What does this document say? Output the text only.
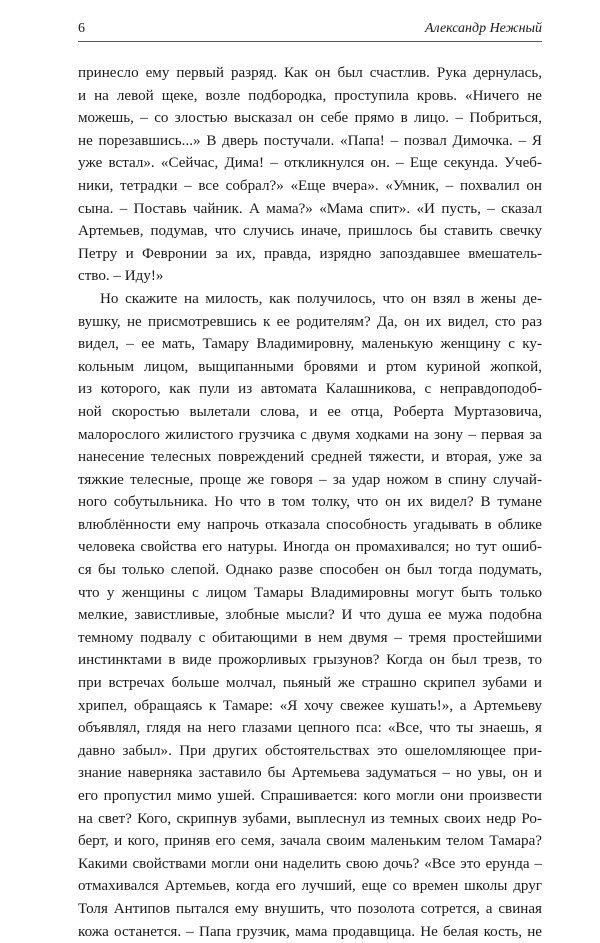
6	Александр Нежный
принесло ему первый разряд. Как он был счастлив. Рука дернулась,
и на левой щеке, возле подбородка, проступила кровь. «Ничего не
можешь, – со злостью высказал он себе прямо в лицо. – Побриться,
не порезавшись...» В дверь постучали. «Папа! – позвал Димочка. – Я
уже встал». «Сейчас, Дима! – откликнулся он. – Еще секунда. Учеб-
ники, тетрадки – все собрал?» «Еще вчера». «Умник, – похвалил он
сына. – Поставь чайник. А мама?» «Мама спит». «И пусть, – сказал
Артемьев, подумав, что случись иначе, пришлось бы ставить свечку
Петру и Февронии за их, правда, изрядно запоздавшее вмешатель-
ство. – Иду!»
Но скажите на милость, как получилось, что он взял в жены де-
вушку, не присмотревшись к ее родителям? Да, он их видел, сто раз
видел, – ее мать, Тамару Владимировну, маленькую женщину с ку-
кольным лицом, выщипанными бровями и ртом куриной жопкой,
из которого, как пули из автомата Калашникова, с неправдоподоб-
ной скоростью вылетали слова, и ее отца, Роберта Муртазовича,
малорослого жилистого грузчика с двумя ходками на зону – первая за
нанесение телесных повреждений средней тяжести, и вторая, уже за
тяжкие телесные, проще же говоря – за удар ножом в спину случай-
ного собутыльника. Но что в том толку, что он их видел? В тумане
влюблённости ему напрочь отказала способность угадывать в облике
человека свойства его натуры. Иногда он промахивался; но тут ошиб-
ся бы только слепой. Однако разве способен он был тогда подумать,
что у женщины с лицом Тамары Владимировны могут быть только
мелкие, завистливые, злобные мысли? И что душа ее мужа подобна
темному подвалу с обитающими в нем двумя – тремя простейшими
инстинктами в виде прожорливых грызунов? Когда он был трезв, то
при встречах больше молчал, пьяный же страшно скрипел зубами и
хрипел, обращаясь к Тамаре: «Я хочу свежее кушать!», а Артемьеву
объявлял, глядя на него глазами цепного пса: «Все, что ты знаешь, я
давно забыл». При других обстоятельствах это ошеломляющее при-
знание наверняка заставило бы Артемьева задуматься – но увы, он и
его пропустил мимо ушей. Спрашивается: кого могли они произвести
на свет? Кого, скрипнув зубами, выплеснул из темных своих недр Ро-
берт, и кого, приняв его семя, зачала своим маленьким телом Тамара?
Какими свойствами могли они наделить свою дочь? «Все это ерунда –
отмахивался Артемьев, когда его лучший, еще со времен школы друг
Толя Антипов пытался ему внушить, что позолота сотрется, а свиная
кожа останется. – Папа грузчик, мама продавщица. Не белая кость, не
